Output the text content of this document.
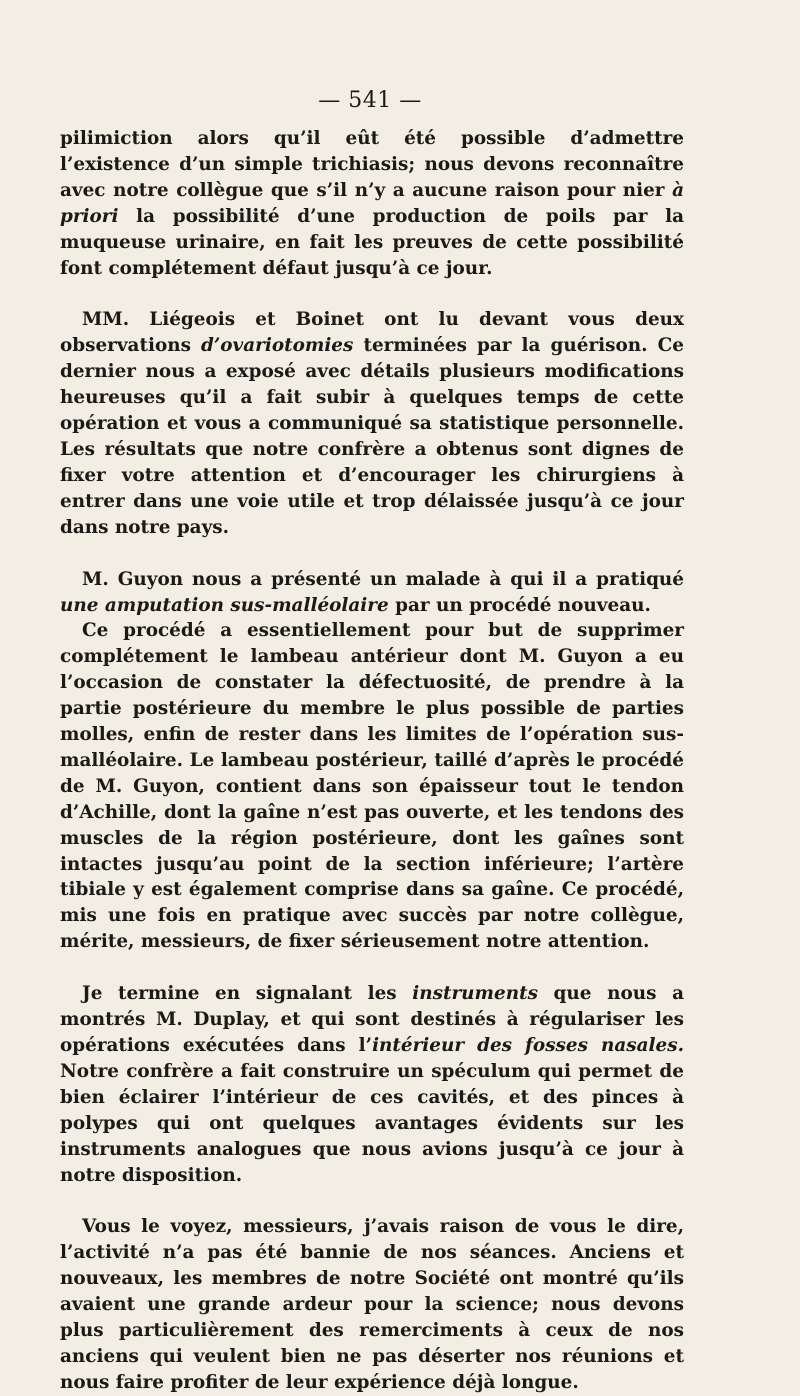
— 541 —

pilimiction alors qu’il eût été possible d’admettre l’existence d’un simple trichiasis; nous devons reconnaître avec notre collègue que s’il n’y a aucune raison pour nier à priori la possibilité d’une production de poils par la muqueuse urinaire, en fait les preuves de cette possibilité font complétement défaut jusqu’à ce jour.

MM. Liégeois et Boinet ont lu devant vous deux observations d’ovariotomies terminées par la guérison. Ce dernier nous a exposé avec détails plusieurs modifications heureuses qu’il a fait subir à quelques temps de cette opération et vous a communiqué sa statistique personnelle. Les résultats que notre confrère a obtenus sont dignes de fixer votre attention et d’encourager les chirurgiens à entrer dans une voie utile et trop délaissée jusqu’à ce jour dans notre pays.

M. Guyon nous a présenté un malade à qui il a pratiqué une amputation sus-malléolaire par un procédé nouveau.

Ce procédé a essentiellement pour but de supprimer complétement le lambeau antérieur dont M. Guyon a eu l’occasion de constater la défectuosité, de prendre à la partie postérieure du membre le plus possible de parties molles, enfin de rester dans les limites de l’opération sus-malléolaire. Le lambeau postérieur, taillé d’après le procédé de M. Guyon, contient dans son épaisseur tout le tendon d’Achille, dont la gaîne n’est pas ouverte, et les tendons des muscles de la région postérieure, dont les gaînes sont intactes jusqu’au point de la section inférieure; l’artère tibiale y est également comprise dans sa gaîne. Ce procédé, mis une fois en pratique avec succès par notre collègue, mérite, messieurs, de fixer sérieusement notre attention.

Je termine en signalant les instruments que nous a montrés M. Duplay, et qui sont destinés à régulariser les opérations exécutées dans l’intérieur des fosses nasales. Notre confrère a fait construire un spéculum qui permet de bien éclairer l’intérieur de ces cavités, et des pinces à polypes qui ont quelques avantages évidents sur les instruments analogues que nous avions jusqu’à ce jour à notre disposition.

Vous le voyez, messieurs, j’avais raison de vous le dire, l’activité n’a pas été bannie de nos séances. Anciens et nouveaux, les membres de notre Société ont montré qu’ils avaient une grande ardeur pour la science; nous devons plus particulièrement des remerciments à ceux de nos anciens qui veulent bien ne pas déserter nos réunions et nous faire profiter de leur expérience déjà longue.
